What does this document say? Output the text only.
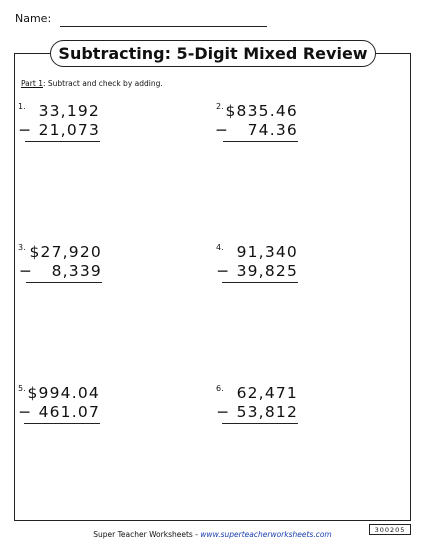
Name:
Subtracting: 5-Digit Mixed Review
Part 1: Subtract and check by adding.
1. 33,192
− 21,073
2. $835.46
−   74.36
3. $27,920
−   8,339
4. 91,340
− 39,825
5. $994.04
− 461.07
6. 62,471
− 53,812
Super Teacher Worksheets - www.superteacherworksheets.com
300205
